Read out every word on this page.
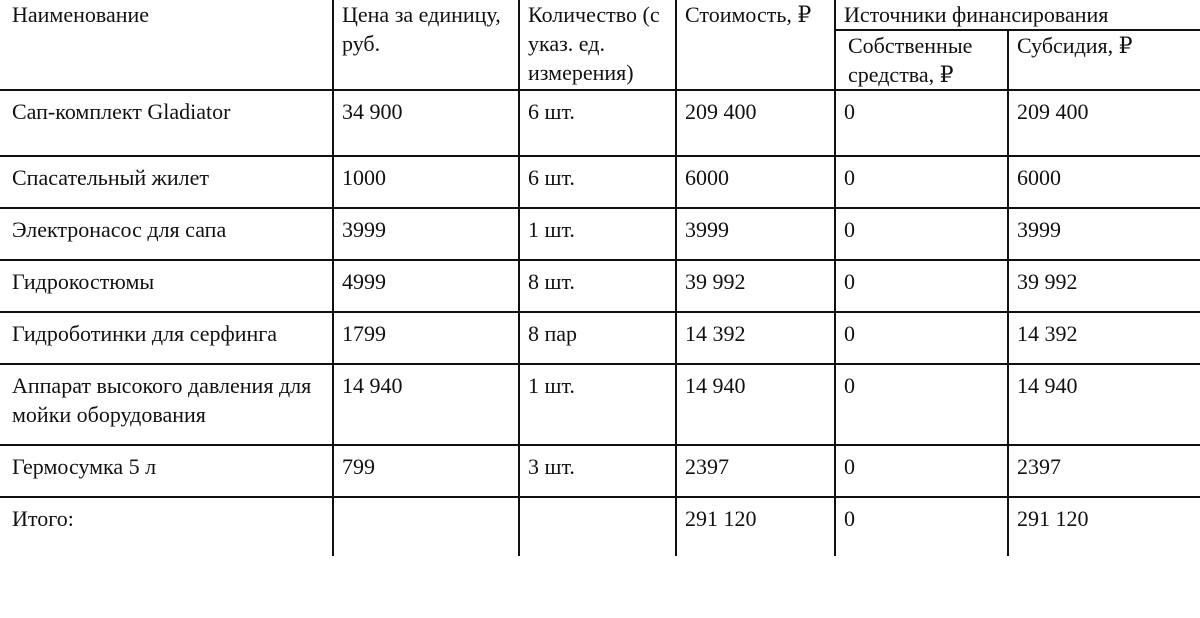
Наименование	Цена за единицу, руб.	Количество (с указ. ед. измерения)	Стоимость, ₽	Источники финансирования	
				Собственные средства, ₽	Субсидия, ₽
Сап-комплект Gladiator	34 900	6 шт.	209 400	0	209 400
Спасательный жилет	1000	6 шт.	6000	0	6000
Электронасос для сапа	3999	1 шт.	3999	0	3999
Гидрокостюмы	4999	8 шт.	39 992	0	39 992
Гидроботинки для серфинга	1799	8 пар	14 392	0	14 392
Аппарат высокого давления для мойки оборудования	14 940	1 шт.	14 940	0	14 940
Гермосумка 5 л	799	3 шт.	2397	0	2397
Итого:			291 120	0	291 120
